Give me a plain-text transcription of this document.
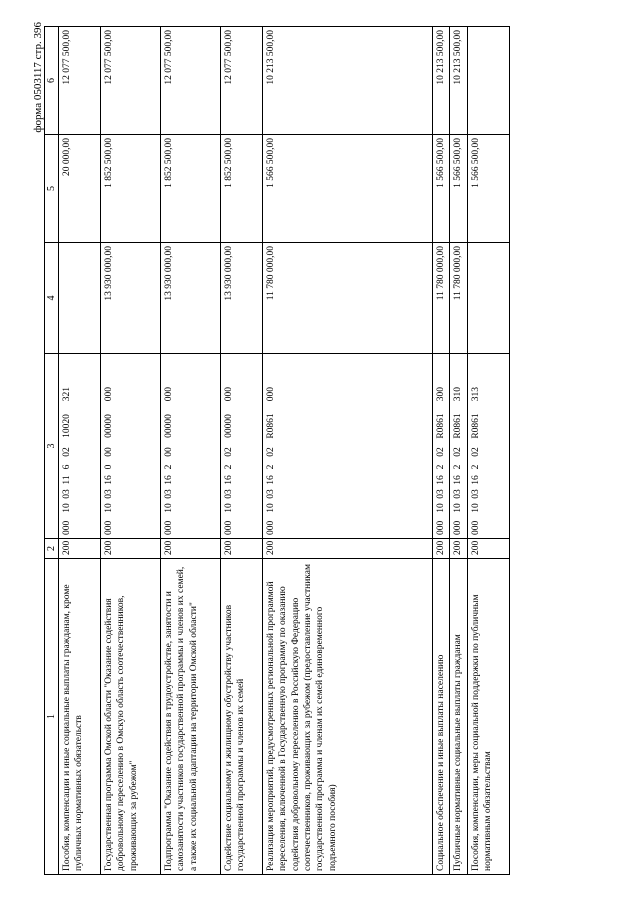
форма 0503117 стр. 396
1	2	3	4	5	6
Пособия, компенсации и иные социальные выплаты гражданам, кроме публичных нормативных обязательств	200	00010031160210020321		20 000,00	12 077 500,00
Государственная программа Омской области "Оказание содействия добровольному переселению в Омскую область соотечественников, проживающих за рубежом"	200	00010031600000000000	13 930 000,00	1 852 500,00	12 077 500,00
Подпрограмма "Оказание содействия в трудоустройстве, занятости и самозанятости участников государственной программы и членов их семей, а также их социальной адаптации на территории Омской области"	200	00010031620000000000	13 930 000,00	1 852 500,00	12 077 500,00
Содействие социальному и жилищному обустройству участников государственной программы и членов их семей	200	00010031620200000000	13 930 000,00	1 852 500,00	12 077 500,00
Реализация мероприятий, предусмотренных региональной программой переселения, включенной в Государственную программу по оказанию содействия добровольному переселению в Российскую Федерацию соотечественников, проживающих за рубежом (предоставление участникам государственной программа и членам их семей единовременного подъемного пособия)	200	000100316202R0861000	11 780 000,00	1 566 500,00	10 213 500,00
Социальное обеспечение и иные выплаты населению	200	000100316202R0861300	11 780 000,00	1 566 500,00	10 213 500,00
Публичные нормативные социальные выплаты гражданам	200	000100316202R0861310	11 780 000,00	1 566 500,00	10 213 500,00
Пособия, компенсации, меры социальной поддержки по публичным нормативным обязательствам	200	000100316202R0861313		1 566 500,00	
